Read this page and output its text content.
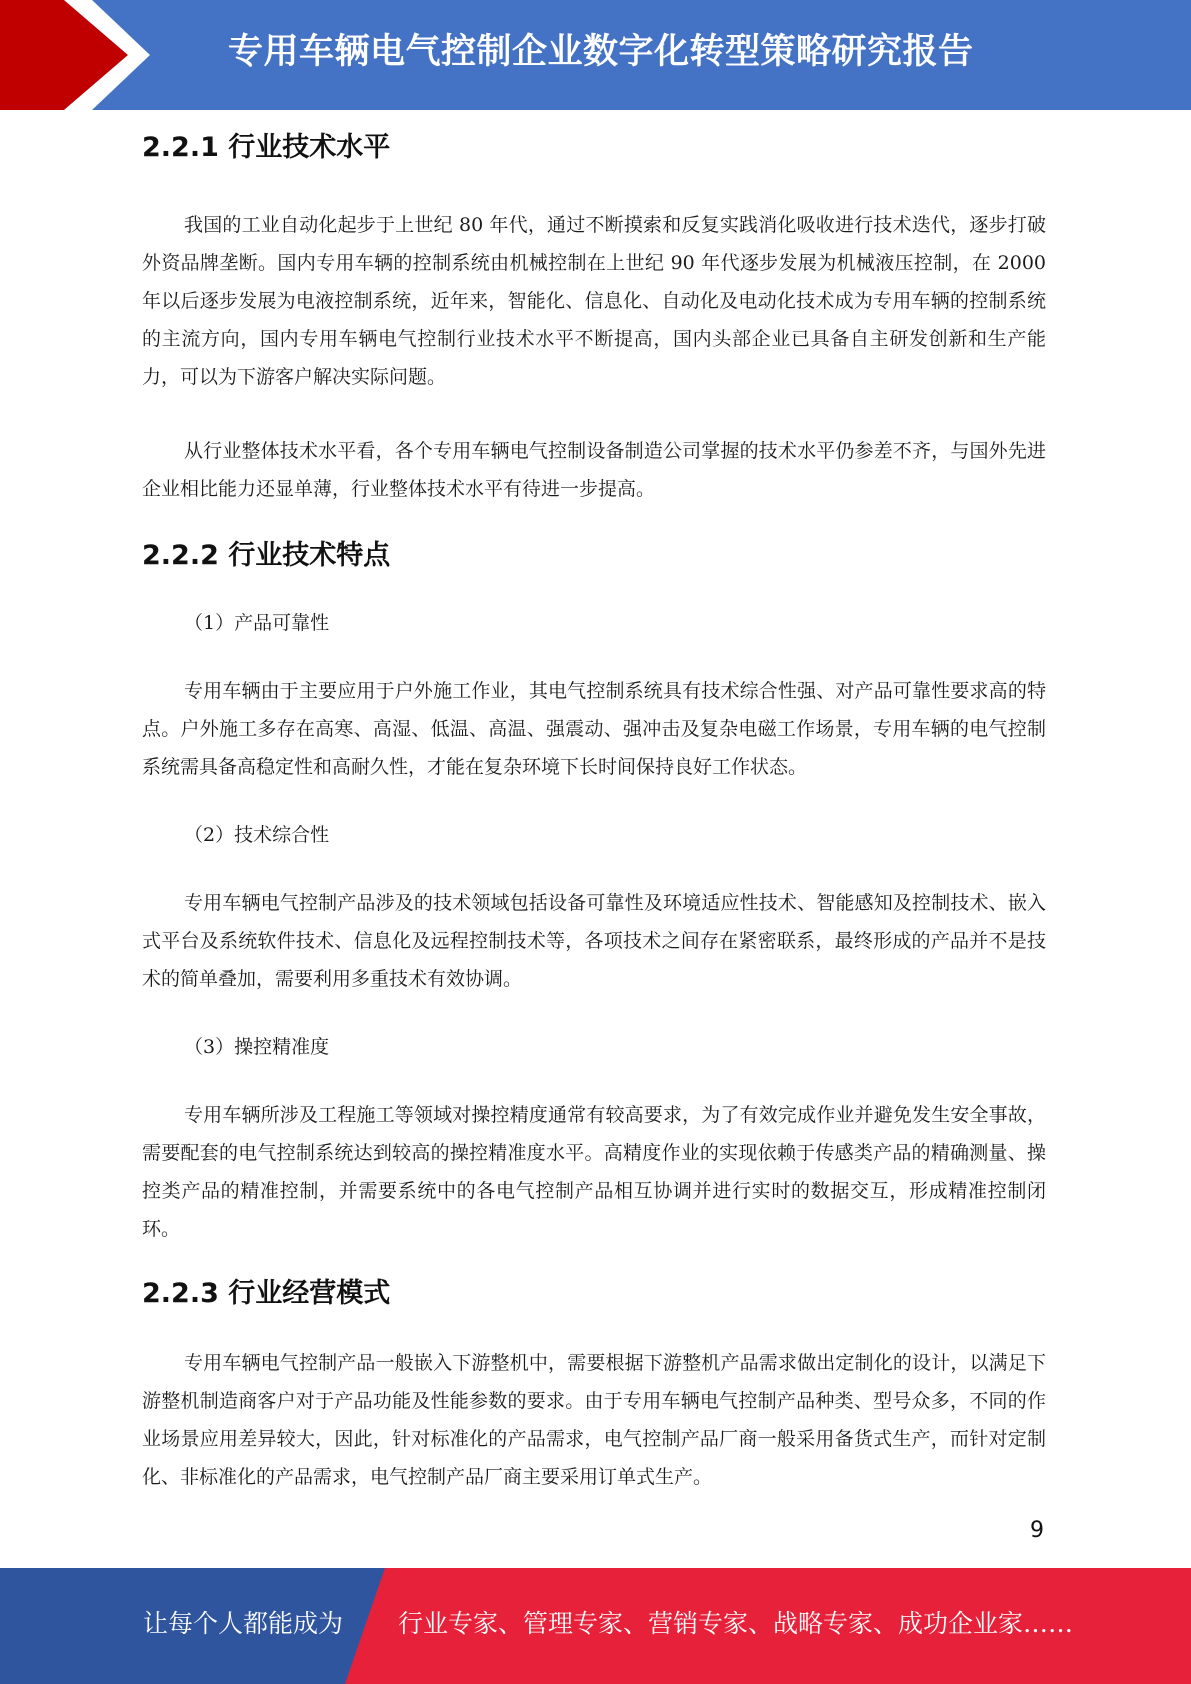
专用车辆电气控制企业数字化转型策略研究报告
2.2.1 行业技术水平

我国的工业自动化起步于上世纪 80 年代，通过不断摸索和反复实践消化吸收进行技术迭代，逐步打破外资品牌垄断。国内专用车辆的控制系统由机械控制在上世纪 90 年代逐步发展为机械液压控制，在 2000 年以后逐步发展为电液控制系统，近年来，智能化、信息化、自动化及电动化技术成为专用车辆的控制系统的主流方向，国内专用车辆电气控制行业技术水平不断提高，国内头部企业已具备自主研发创新和生产能力，可以为下游客户解决实际问题。

从行业整体技术水平看，各个专用车辆电气控制设备制造公司掌握的技术水平仍参差不齐，与国外先进企业相比能力还显单薄，行业整体技术水平有待进一步提高。

2.2.2 行业技术特点

（1）产品可靠性

专用车辆由于主要应用于户外施工作业，其电气控制系统具有技术综合性强、对产品可靠性要求高的特点。户外施工多存在高寒、高湿、低温、高温、强震动、强冲击及复杂电磁工作场景，专用车辆的电气控制系统需具备高稳定性和高耐久性，才能在复杂环境下长时间保持良好工作状态。

（2）技术综合性

专用车辆电气控制产品涉及的技术领域包括设备可靠性及环境适应性技术、智能感知及控制技术、嵌入式平台及系统软件技术、信息化及远程控制技术等，各项技术之间存在紧密联系，最终形成的产品并不是技术的简单叠加，需要利用多重技术有效协调。

（3）操控精准度

专用车辆所涉及工程施工等领域对操控精度通常有较高要求，为了有效完成作业并避免发生安全事故，需要配套的电气控制系统达到较高的操控精准度水平。高精度作业的实现依赖于传感类产品的精确测量、操控类产品的精准控制，并需要系统中的各电气控制产品相互协调并进行实时的数据交互，形成精准控制闭环。

2.2.3 行业经营模式

专用车辆电气控制产品一般嵌入下游整机中，需要根据下游整机产品需求做出定制化的设计，以满足下游整机制造商客户对于产品功能及性能参数的要求。由于专用车辆电气控制产品种类、型号众多，不同的作业场景应用差异较大，因此，针对标准化的产品需求，电气控制产品厂商一般采用备货式生产，而针对定制化、非标准化的产品需求，电气控制产品厂商主要采用订单式生产。

9
让每个人都能成为 行业专家、管理专家、营销专家、战略专家、成功企业家……
